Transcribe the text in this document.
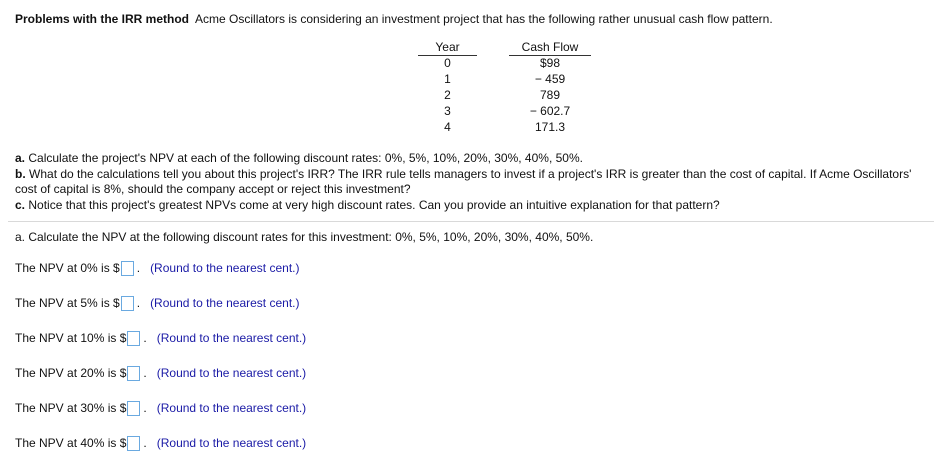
Problems with the IRR method Acme Oscillators is considering an investment project that has the following rather unusual cash flow pattern.
Year		Cash Flow
0		$98
1		− 459
2		789
3		− 602.7
4		171.3

a. Calculate the project's NPV at each of the following discount rates: 0%, 5%, 10%, 20%, 30%, 40%, 50%.

b. What do the calculations tell you about this project's IRR? The IRR rule tells managers to invest if a project's IRR is greater than the cost of capital. If Acme Oscillators' cost of capital is 8%, should the company accept or reject this investment?

c. Notice that this project's greatest NPVs come at very high discount rates. Can you provide an intuitive explanation for that pattern?

a. Calculate the NPV at the following discount rates for this investment: 0%, 5%, 10%, 20%, 30%, 40%, 50%.
The NPV at 0% is $ . (Round to the nearest cent.)
The NPV at 5% is $ . (Round to the nearest cent.)
The NPV at 10% is $ . (Round to the nearest cent.)
The NPV at 20% is $ . (Round to the nearest cent.)
The NPV at 30% is $ . (Round to the nearest cent.)
The NPV at 40% is $ . (Round to the nearest cent.)
